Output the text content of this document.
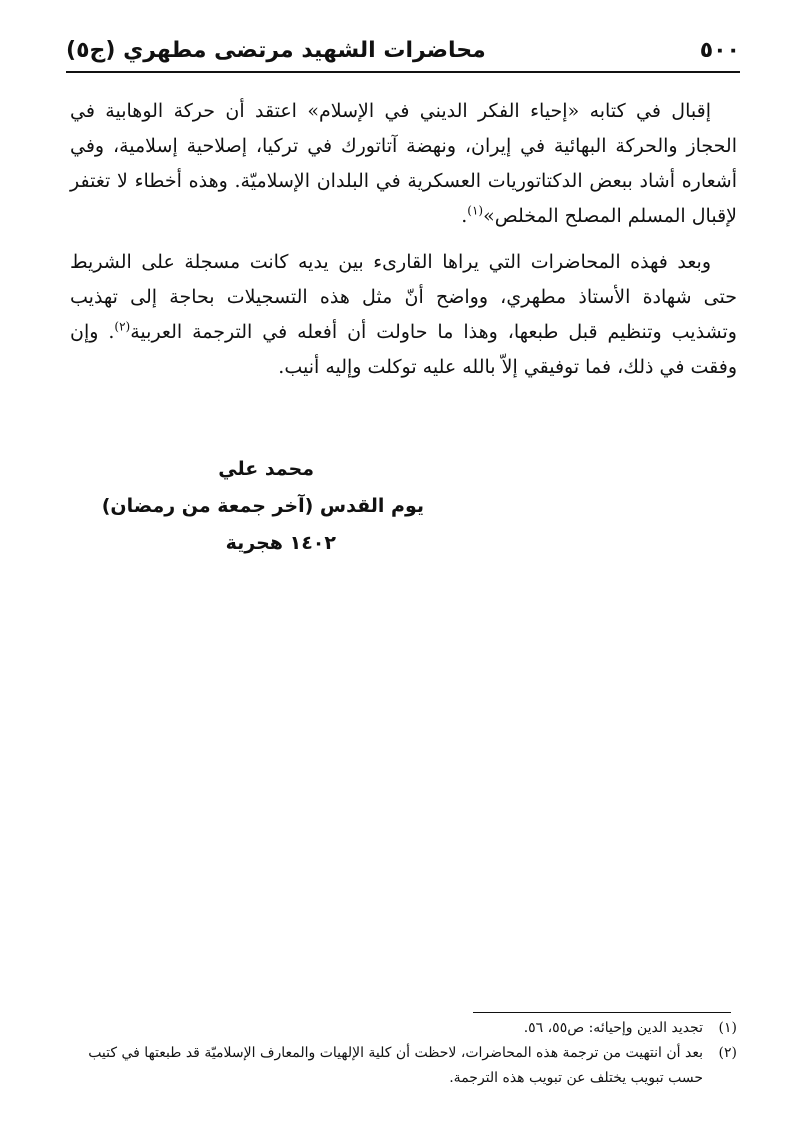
٥٠٠
محاضرات الشهيد مرتضى مطهري (ج٥)

إقبال في كتابه «إحياء الفكر الديني في الإسلام» اعتقد أن حركة الوهابية في الحجاز والحركة البهائية في إيران، ونهضة آتاتورك في تركيا، إصلاحية إسلامية، وفي أشعاره أشاد ببعض الدكتاتوريات العسكرية في البلدان الإسلاميّة. وهذه أخطاء لا تغتفر لإقبال المسلم المصلح المخلص»$^{(١)}$.

وبعد فهذه المحاضرات التي يراها القارىء بين يديه كانت مسجلة على الشريط حتى شهادة الأستاذ مطهري، وواضح أنّ مثل هذه التسجيلات بحاجة إلى تهذيب وتشذيب وتنظيم قبل طبعها، وهذا ما حاولت أن أفعله في الترجمة العربية$^{(٢)}$. وإن وفقت في ذلك، فما توفيقي إلاّ بالله عليه توكلت وإليه أنيب.

محمد علي
يوم القدس (آخر جمعة من رمضان)
١٤٠٢ هجرية
(١)
تجديد الدين وإحيائه: ص٥٥، ٥٦.
(٢)
بعد أن انتهيت من ترجمة هذه المحاضرات، لاحظت أن كلية الإلهيات والمعارف الإسلاميّة قد طبعتها في كتيب حسب تبويب يختلف عن تبويب هذه الترجمة.
